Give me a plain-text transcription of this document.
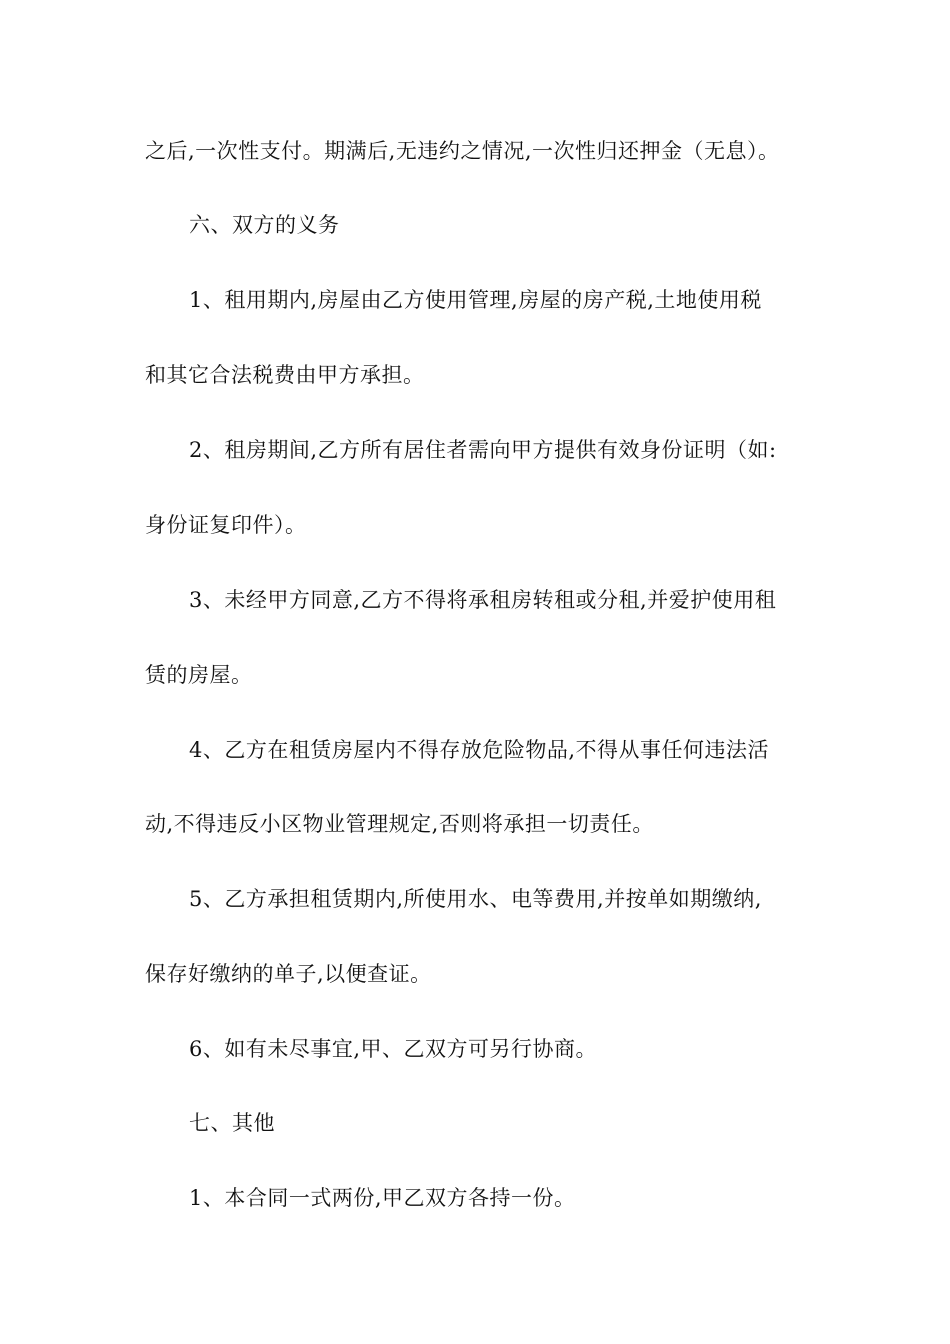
之后,一次性支付。期满后,无违约之情况,一次性归还押金（无息）。
六、双方的义务
1、租用期内,房屋由乙方使用管理,房屋的房产税,土地使用税
和其它合法税费由甲方承担。
2、租房期间,乙方所有居住者需向甲方提供有效身份证明（如:
身份证复印件）。
3、未经甲方同意,乙方不得将承租房转租或分租,并爱护使用租
赁的房屋。
4、乙方在租赁房屋内不得存放危险物品,不得从事任何违法活
动,不得违反小区物业管理规定,否则将承担一切责任。
5、乙方承担租赁期内,所使用水、电等费用,并按单如期缴纳,
保存好缴纳的单子,以便查证。
6、如有未尽事宜,甲、乙双方可另行协商。
七、其他
1、本合同一式两份,甲乙双方各持一份。
